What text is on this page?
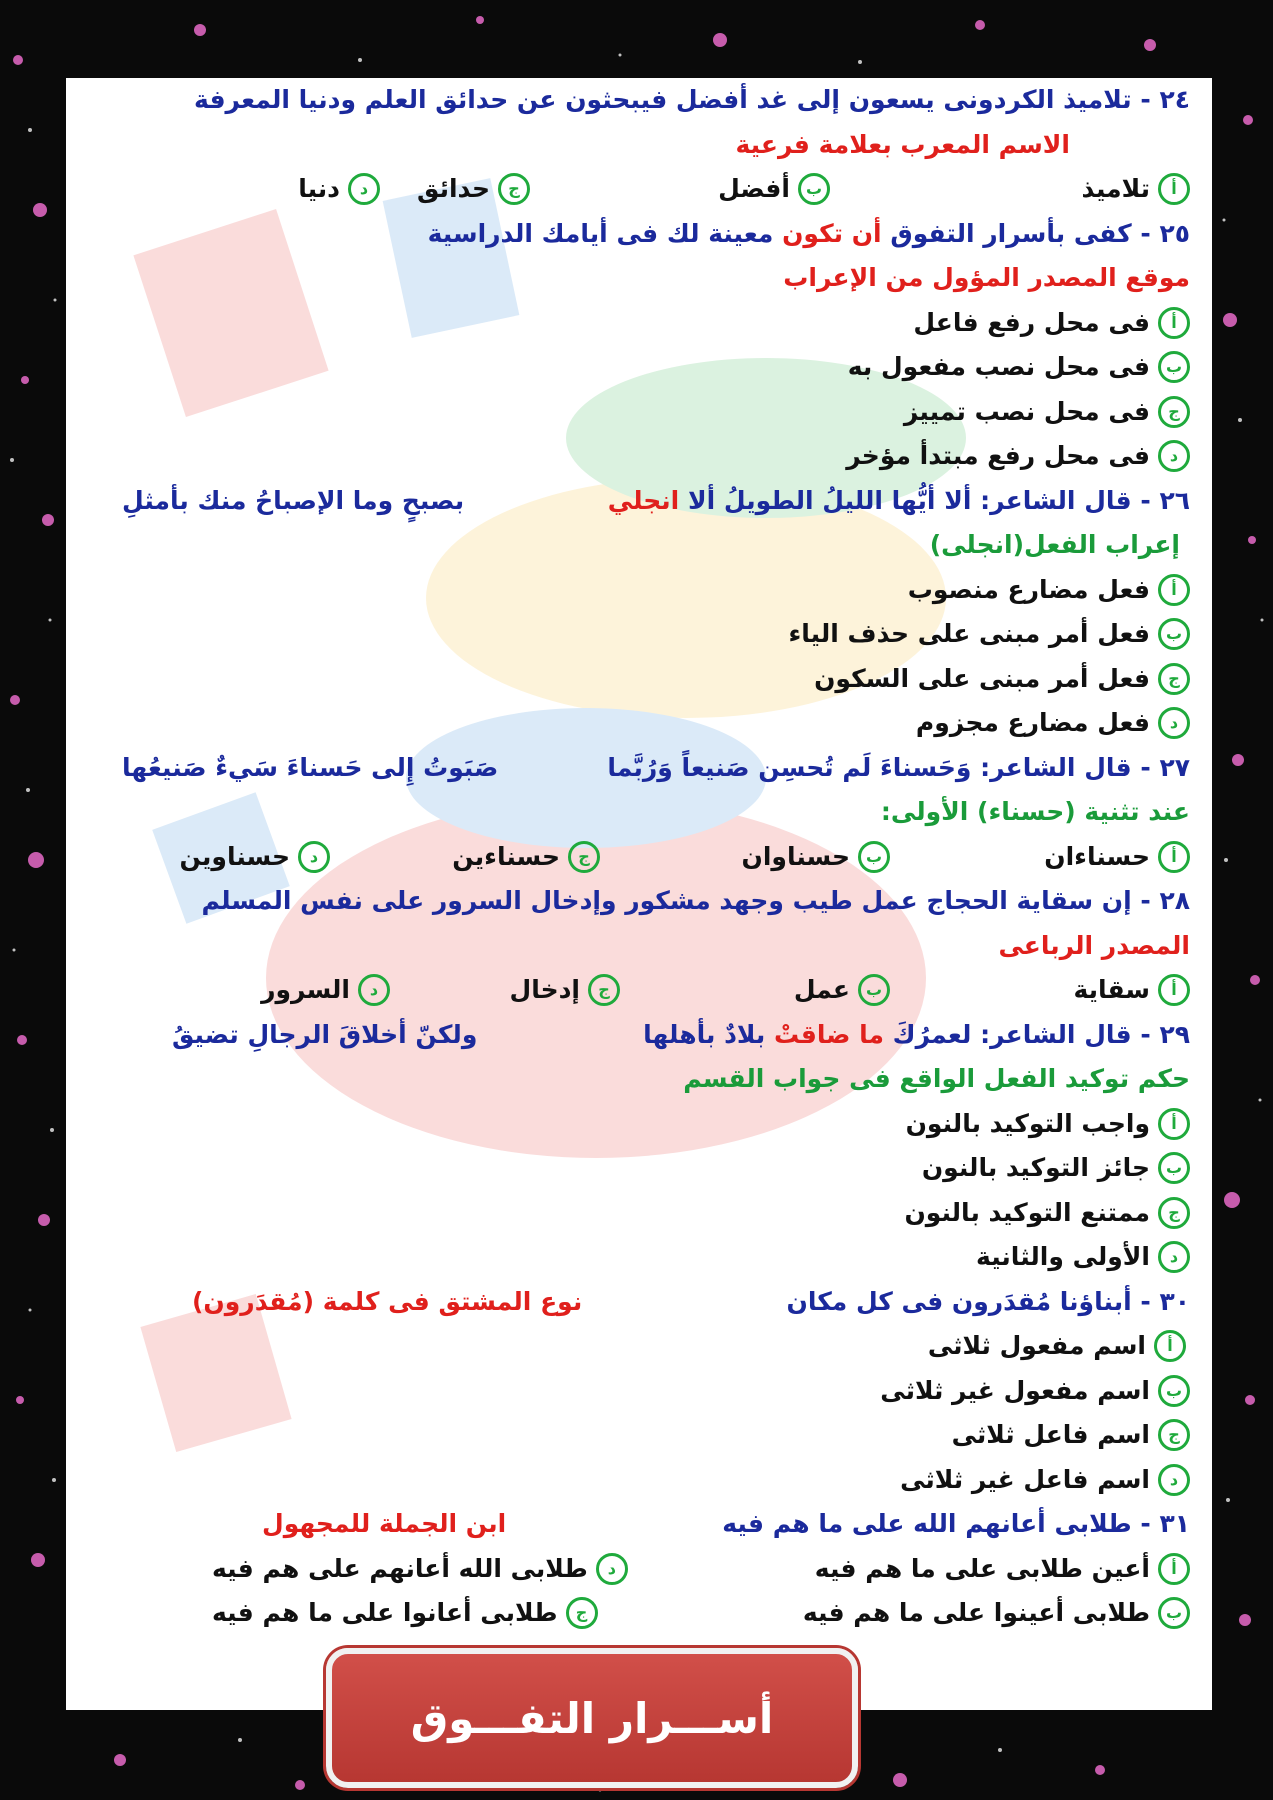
٢٤ -

تلاميذ الكردونى يسعون إلى غد أفضل فيبحثون عن حدائق العلم ودنيا المعرفة
الاسم المعرب بعلامة فرعية
أ
تلاميذ
ب
أفضل
ج
حدائق
د
دنيا
٢٥ -

كفى بأسرار التفوق

أن تكون

معينة لك فى أيامك الدراسية
موقع المصدر المؤول من الإعراب
أ
فى محل رفع فاعل
ب
فى محل نصب مفعول به
ج
فى محل نصب تمييز
د
فى محل رفع مبتدأ مؤخر
٢٦ - قال الشاعر: ألا أيُّها الليلُ الطويلُ ألا انجلي
بصبحٍ وما الإصباحُ منك بأمثلِ
إعراب الفعل(انجلى)
أ
فعل مضارع منصوب
ب
فعل أمر مبنى على حذف الياء
ج
فعل أمر مبنى على السكون
د
فعل مضارع مجزوم
٢٧ - قال الشاعر: وَحَسناءَ لَم تُحسِن صَنيعاً وَرُبَّما
صَبَوتُ إِلى حَسناءَ سَيءٌ صَنيعُها
عند تثنية (حسناء) الأولى:
أ
حسناءان
ب
حسناوان
ج
حسناءين
د
حسناوين
٢٨ -

إن سقاية الحجاج عمل طيب وجهد مشكور وإدخال السرور على نفس المسلم
المصدر الرباعى
أ
سقاية
ب
عمل
ج
إدخال
د
السرور
٢٩ - قال الشاعر: لعمرُكَ ما ضاقتْ بلادٌ بأهلها
ولكنّ أخلاقَ الرجالِ تضيقُ
حكم توكيد الفعل الواقع فى جواب القسم
أ
واجب التوكيد بالنون
ب
جائز التوكيد بالنون
ج
ممتنع التوكيد بالنون
د
الأولى والثانية
٣٠ - أبناؤنا مُقدَرون فى كل مكان
نوع المشتق فى كلمة (مُقدَرون)
أ
اسم مفعول ثلاثى
ب
اسم مفعول غير ثلاثى
ج
اسم فاعل ثلاثى
د
اسم فاعل غير ثلاثى
٣١ - طلابى أعانهم الله على ما هم فيه
ابن الجملة للمجهول
أ
أعين طلابى على ما هم فيه
د
طلابى الله أعانهم على هم فيه
ب
طلابى أعينوا على ما هم فيه
ج
طلابى أعانوا على ما هم فيه
أســـرار التفـــوق
